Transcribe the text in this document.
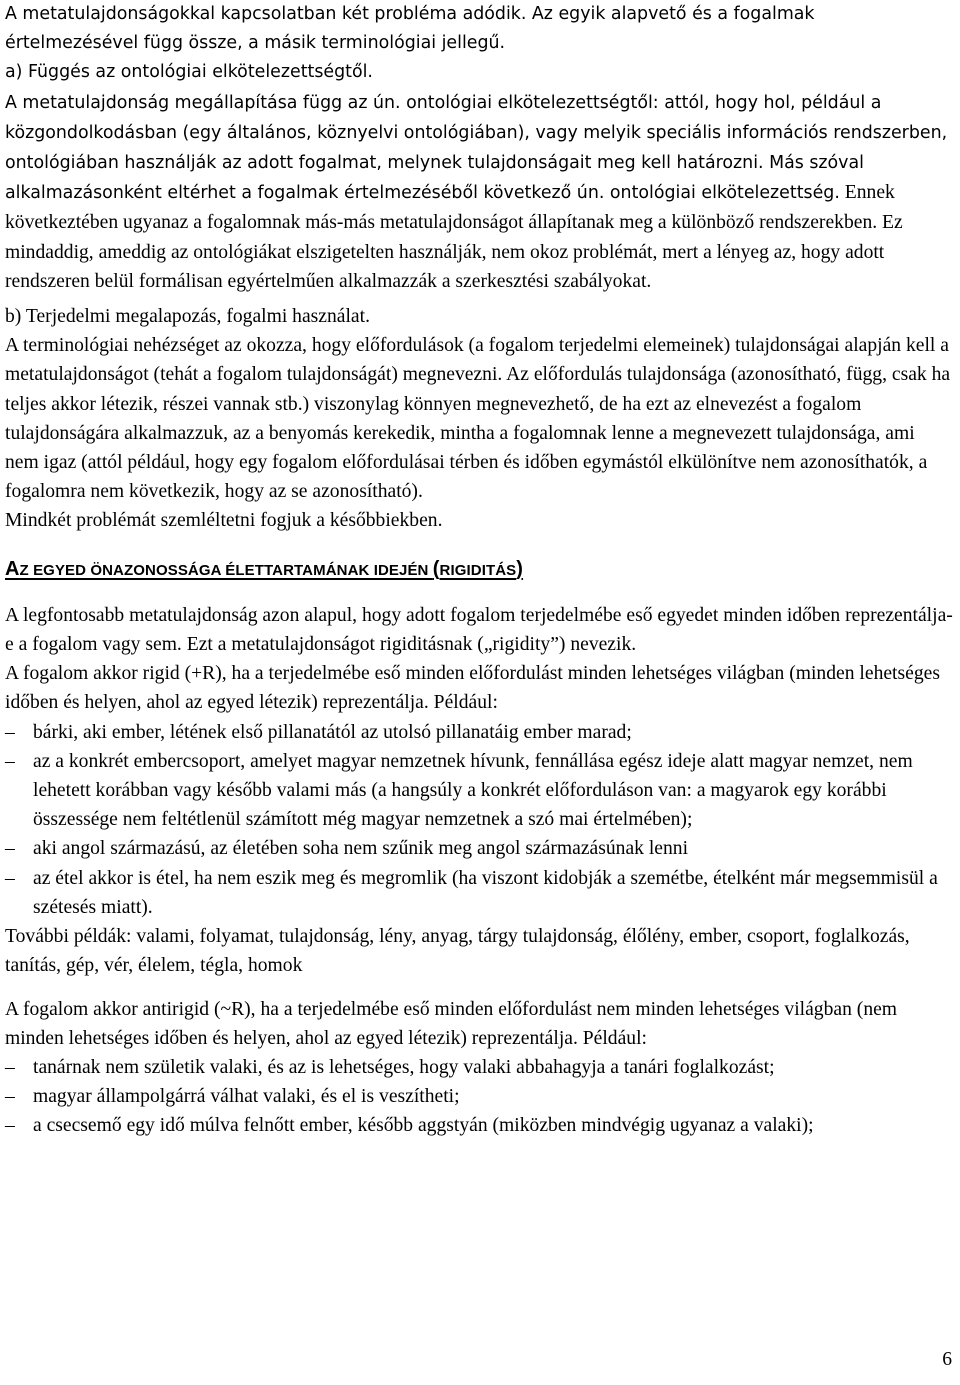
A metatulajdonságokkal kapcsolatban két probléma adódik. Az egyik alapvető és a fogalmak értelmezésével függ össze, a másik terminológiai jellegű.

a) Függés az ontológiai elkötelezettségtől.

A metatulajdonság megállapítása függ az ún. ontológiai elkötelezettségtől: attól, hogy hol, például a közgondolkodásban (egy általános, köznyelvi ontológiában), vagy melyik speciális információs rendszerben, ontológiában használják az adott fogalmat, melynek tulajdonságait meg kell határozni. Más szóval alkalmazásonként eltérhet a fogalmak értelmezéséből következő ún. ontológiai elkötelezettség. Ennek következtében ugyanaz a fogalomnak más-más metatulajdonságot állapítanak meg a különböző rendszerekben. Ez mindaddig, ameddig az ontológiákat elszigetelten használják, nem okoz problémát, mert a lényeg az, hogy adott rendszeren belül formálisan egyértelműen alkalmazzák a szerkesztési szabályokat.

b) Terjedelmi megalapozás, fogalmi használat.

A terminológiai nehézséget az okozza, hogy előfordulások (a fogalom terjedelmi elemeinek) tulajdonságai alapján kell a metatulajdonságot (tehát a fogalom tulajdonságát) megnevezni. Az előfordulás tulajdonsága (azonosítható, függ, csak ha teljes akkor létezik, részei vannak stb.) viszonylag könnyen megnevezhető, de ha ezt az elnevezést a fogalom tulajdonságára alkalmazzuk, az a benyomás kerekedik, mintha a fogalomnak lenne a megnevezett tulajdonsága, ami nem igaz (attól például, hogy egy fogalom előfordulásai térben és időben egymástól elkülönítve nem azonosíthatók, a fogalomra nem következik, hogy az se azonosítható).

Mindkét problémát szemléltetni fogjuk a későbbiekben.

AZ EGYED ÖNAZONOSSÁGA ÉLETTARTAMÁNAK IDEJÉN (RIGIDITÁS)

A legfontosabb metatulajdonság azon alapul, hogy adott fogalom terjedelmébe eső egyedet minden időben reprezentálja-e a fogalom vagy sem. Ezt a metatulajdonságot rigiditásnak („rigidity”) nevezik.

A fogalom akkor rigid (+R), ha a terjedelmébe eső minden előfordulást minden lehetséges világban (minden lehetséges időben és helyen, ahol az egyed létezik) reprezentálja. Például:

– bárki, aki ember, létének első pillanatától az utolsó pillanatáig ember marad;
– az a konkrét embercsoport, amelyet magyar nemzetnek hívunk, fennállása egész ideje alatt magyar nemzet, nem lehetett korábban vagy később valami más (a hangsúly a konkrét előforduláson van: a magyarok egy korábbi összessége nem feltétlenül számított még magyar nemzetnek a szó mai értelmében);
– aki angol származású, az életében soha nem szűnik meg angol származásúnak lenni
– az étel akkor is étel, ha nem eszik meg és megromlik (ha viszont kidobják a szemétbe, ételként már megsemmisül a szétesés miatt).

További példák: valami, folyamat, tulajdonság, lény, anyag, tárgy tulajdonság, élőlény, ember, csoport, foglalkozás, tanítás, gép, vér, élelem, tégla, homok

A fogalom akkor antirigid (~R), ha a terjedelmébe eső minden előfordulást nem minden lehetséges világban (nem minden lehetséges időben és helyen, ahol az egyed létezik) reprezentálja. Például:

– tanárnak nem születik valaki, és az is lehetséges, hogy valaki abbahagyja a tanári foglalkozást;
– magyar állampolgárrá válhat valaki, és el is veszítheti;
– a csecsemő egy idő múlva felnőtt ember, később aggstyán (miközben mindvégig ugyanaz a valaki);
6
